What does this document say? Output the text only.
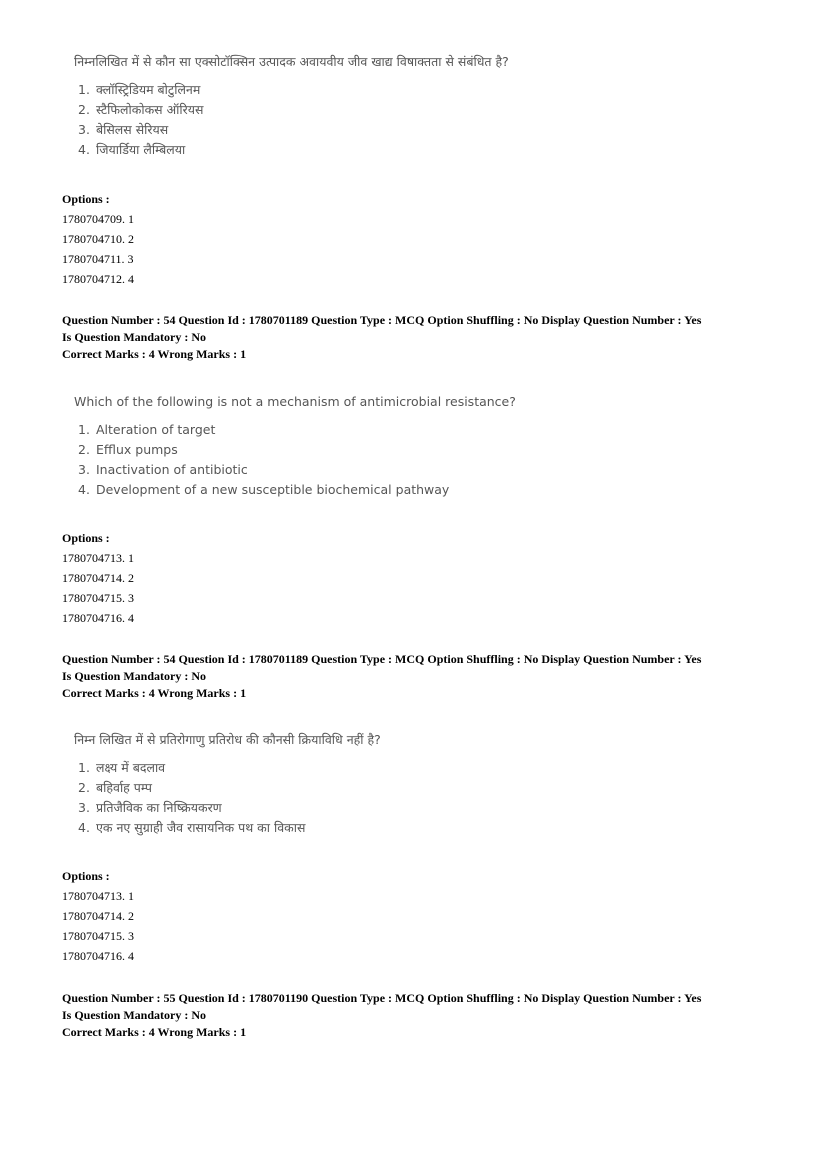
निम्नलिखित में से कौन सा एक्सोटॉक्सिन उत्पादक अवायवीय जीव खाद्य विषाक्तता से संबंधित है?

1. क्लॉस्ट्रिडियम बोटुलिनम
2. स्टैफिलोकोकस ऑरियस
3. बेसिलस सेरियस
4. जियार्डिया लैम्बिलया
Options :
1780704709. 1
1780704710. 2
1780704711. 3
1780704712. 4
Question Number : 54 Question Id : 1780701189 Question Type : MCQ Option Shuffling : No Display Question Number : Yes
Is Question Mandatory : No
Correct Marks : 4 Wrong Marks : 1

Which of the following is not a mechanism of antimicrobial resistance?

1. Alteration of target
2. Efflux pumps
3. Inactivation of antibiotic
4. Development of a new susceptible biochemical pathway
Options :
1780704713. 1
1780704714. 2
1780704715. 3
1780704716. 4
Question Number : 54 Question Id : 1780701189 Question Type : MCQ Option Shuffling : No Display Question Number : Yes
Is Question Mandatory : No
Correct Marks : 4 Wrong Marks : 1

निम्न लिखित में से प्रतिरोगाणु प्रतिरोध की कौनसी क्रियाविधि नहीं है?

1. लक्ष्य में बदलाव
2. बहिर्वाह पम्प
3. प्रतिजैविक का निष्क्रियकरण
4. एक नए सुग्राही जैव रासायनिक पथ का विकास
Options :
1780704713. 1
1780704714. 2
1780704715. 3
1780704716. 4
Question Number : 55 Question Id : 1780701190 Question Type : MCQ Option Shuffling : No Display Question Number : Yes
Is Question Mandatory : No
Correct Marks : 4 Wrong Marks : 1
